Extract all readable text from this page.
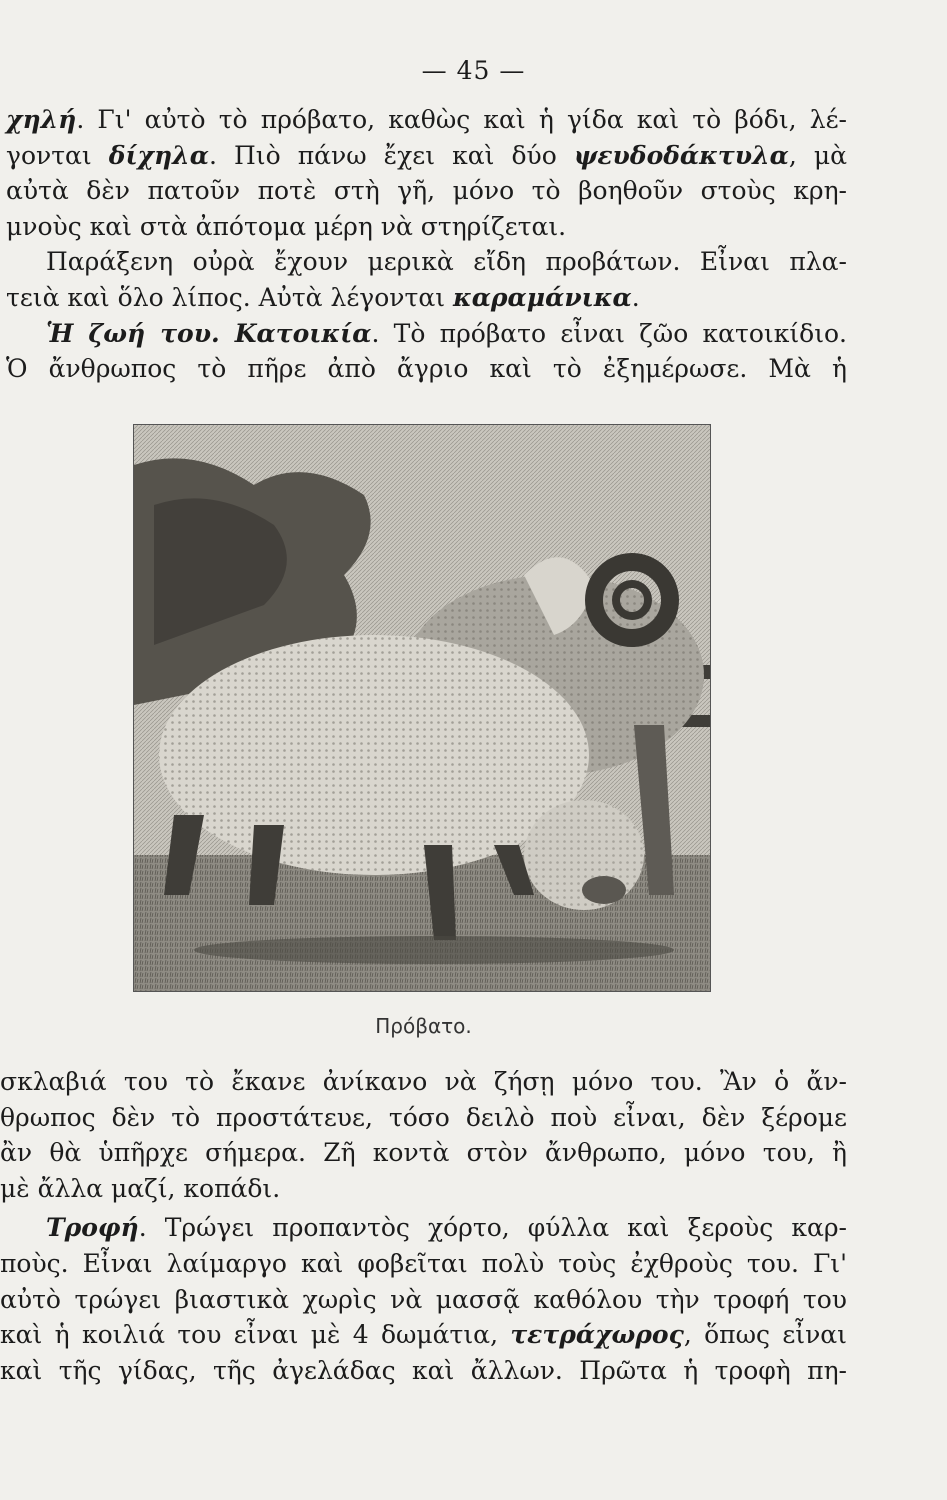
— 45 —
χηλή. Γι' αὐτὸ τὸ πρόβατο, καθὼς καὶ ἡ γίδα καὶ τὸ βόδι, λέ-
γονται δίχηλα. Πιὸ πάνω ἔχει καὶ δύο ψευδοδάκτυλα, μὰ
αὐτὰ δὲν πατοῦν ποτὲ στὴ γῆ, μόνο τὸ βοηθοῦν στοὺς κρη-
μνοὺς καὶ στὰ ἀπότομα μέρη νὰ στηρίζεται.
Παράξενη οὐρὰ ἔχουν μερικὰ εἴδη προβάτων. Εἶναι πλα-
τειὰ καὶ ὅλο λίπος. Αὐτὰ λέγονται καραμάνικα.
Ἡ ζωή του. Κατοικία. Τὸ πρόβατο εἶναι ζῶο κατοικίδιο.
Ὁ ἄνθρωπος τὸ πῆρε ἀπὸ ἄγριο καὶ τὸ ἐξημέρωσε. Μὰ ἡ
Πρόβατο.
σκλαβιά του τὸ ἔκανε ἀνίκανο νὰ ζήσῃ μόνο του. Ἂν ὁ ἄν-
θρωπος δὲν τὸ προστάτευε, τόσο δειλὸ ποὺ εἶναι, δὲν ξέρομε
ἂν θὰ ὑπῆρχε σήμερα. Ζῆ κοντὰ στὸν ἄνθρωπο, μόνο του, ἢ
μὲ ἄλλα μαζί, κοπάδι.
Τροφή. Τρώγει προπαντὸς χόρτο, φύλλα καὶ ξεροὺς καρ-
ποὺς. Εἶναι λαίμαργο καὶ φοβεῖται πολὺ τοὺς ἐχθροὺς του. Γι'
αὐτὸ τρώγει βιαστικὰ χωρὶς νὰ μασσᾷ καθόλου τὴν τροφή του
καὶ ἡ κοιλιά του εἶναι μὲ 4 δωμάτια, τετράχωρος, ὅπως εἶναι
καὶ τῆς γίδας, τῆς ἀγελάδας καὶ ἄλλων. Πρῶτα ἡ τροφὴ πη-
